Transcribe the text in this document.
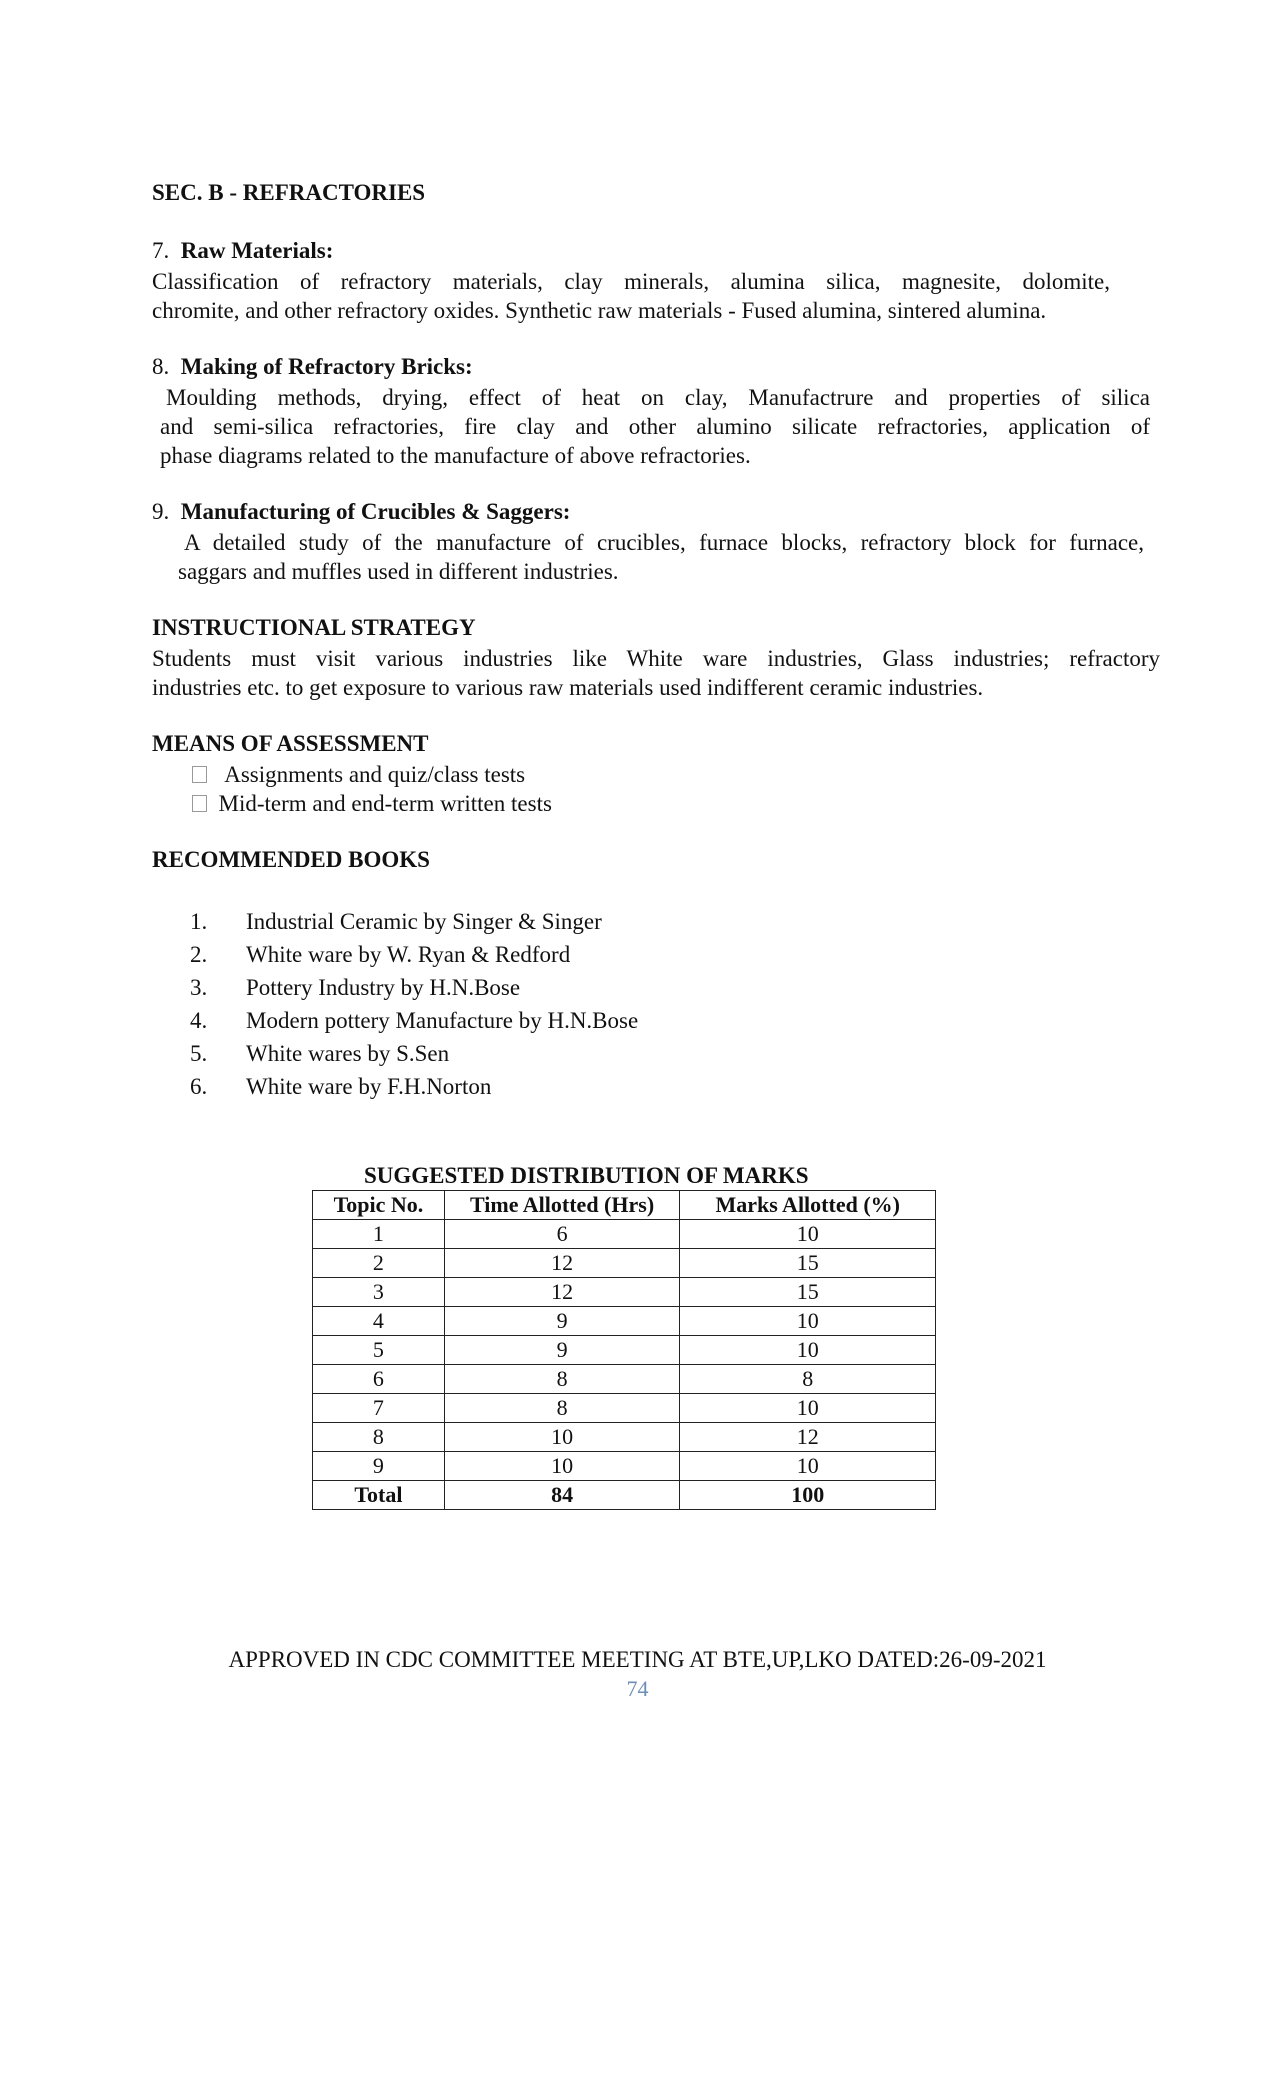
SEC. B - REFRACTORIES
7. Raw Materials:
Classification of refractory materials, clay minerals, alumina silica, magnesite, dolomite,
chromite, and other refractory oxides. Synthetic raw materials - Fused alumina, sintered alumina.
8. Making of Refractory Bricks:
Moulding methods, drying, effect of heat on clay, Manufactrure and properties of silica
and semi-silica refractories, fire clay and other alumino silicate refractories, application of
phase diagrams related to the manufacture of above refractories.
9. Manufacturing of Crucibles & Saggers:
A detailed study of the manufacture of crucibles, furnace blocks, refractory block for furnace,
saggars and muffles used in different industries.
INSTRUCTIONAL STRATEGY
Students must visit various industries like White ware industries, Glass industries; refractory
industries etc. to get exposure to various raw materials used indifferent ceramic industries.
MEANS OF ASSESSMENT
Assignments and quiz/class tests
Mid-term and end-term written tests
RECOMMENDED BOOKS
1. Industrial Ceramic by Singer & Singer
2. White ware by W. Ryan & Redford
3. Pottery Industry by H.N.Bose
4. Modern pottery Manufacture by H.N.Bose
5. White wares by S.Sen
6. White ware by F.H.Norton
SUGGESTED DISTRIBUTION OF MARKS
Topic No.	Time Allotted (Hrs)	Marks Allotted (%)
1	6	10
2	12	15
3	12	15
4	9	10
5	9	10
6	8	8
7	8	10
8	10	12
9	10	10
Total	84	100
APPROVED IN CDC COMMITTEE MEETING AT BTE,UP,LKO DATED:26-09-2021
74
